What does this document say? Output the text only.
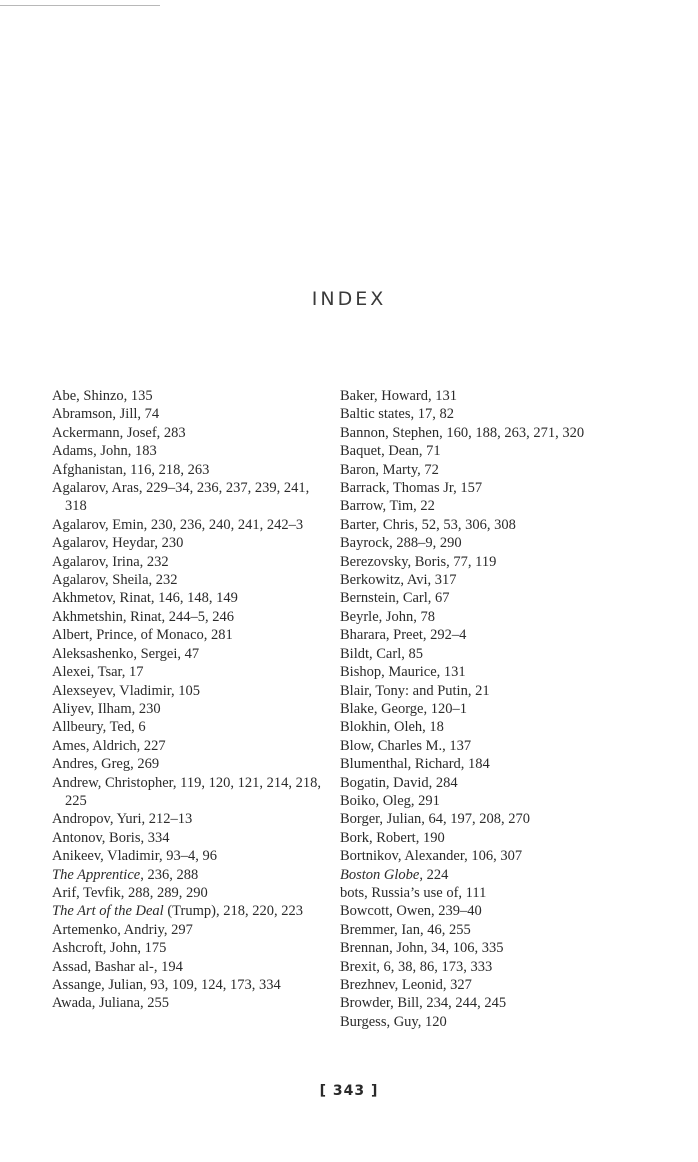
INDEX
Abe, Shinzo, 135
Abramson, Jill, 74
Ackermann, Josef, 283
Adams, John, 183
Afghanistan, 116, 218, 263
Agalarov, Aras, 229–34, 236, 237, 239, 241, 318
Agalarov, Emin, 230, 236, 240, 241, 242–3
Agalarov, Heydar, 230
Agalarov, Irina, 232
Agalarov, Sheila, 232
Akhmetov, Rinat, 146, 148, 149
Akhmetshin, Rinat, 244–5, 246
Albert, Prince, of Monaco, 281
Aleksashenko, Sergei, 47
Alexei, Tsar, 17
Alexseyev, Vladimir, 105
Aliyev, Ilham, 230
Allbeury, Ted, 6
Ames, Aldrich, 227
Andres, Greg, 269
Andrew, Christopher, 119, 120, 121, 214, 218, 225
Andropov, Yuri, 212–13
Antonov, Boris, 334
Anikeev, Vladimir, 93–4, 96
The Apprentice, 236, 288
Arif, Tevfik, 288, 289, 290
The Art of the Deal (Trump), 218, 220, 223
Artemenko, Andriy, 297
Ashcroft, John, 175
Assad, Bashar al-, 194
Assange, Julian, 93, 109, 124, 173, 334
Awada, Juliana, 255
Baker, Howard, 131
Baltic states, 17, 82
Bannon, Stephen, 160, 188, 263, 271, 320
Baquet, Dean, 71
Baron, Marty, 72
Barrack, Thomas Jr, 157
Barrow, Tim, 22
Barter, Chris, 52, 53, 306, 308
Bayrock, 288–9, 290
Berezovsky, Boris, 77, 119
Berkowitz, Avi, 317
Bernstein, Carl, 67
Beyrle, John, 78
Bharara, Preet, 292–4
Bildt, Carl, 85
Bishop, Maurice, 131
Blair, Tony: and Putin, 21
Blake, George, 120–1
Blokhin, Oleh, 18
Blow, Charles M., 137
Blumenthal, Richard, 184
Bogatin, David, 284
Boiko, Oleg, 291
Borger, Julian, 64, 197, 208, 270
Bork, Robert, 190
Bortnikov, Alexander, 106, 307
Boston Globe, 224
bots, Russia’s use of, 111
Bowcott, Owen, 239–40
Bremmer, Ian, 46, 255
Brennan, John, 34, 106, 335
Brexit, 6, 38, 86, 173, 333
Brezhnev, Leonid, 327
Browder, Bill, 234, 244, 245
Burgess, Guy, 120
[ 343 ]
